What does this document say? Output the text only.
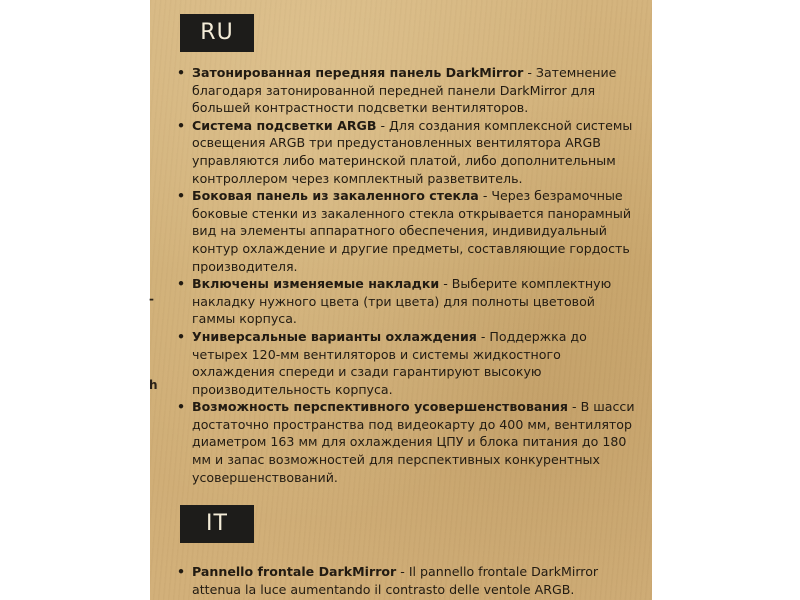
-
h
RU
• Затонированная передняя панель DarkMirror - Затемнение благодаря затонированной передней панели DarkMirror для большей контрастности подсветки вентиляторов.
• Система подсветки ARGB - Для создания комплексной системы освещения ARGB три предустановленных вентилятора ARGB управляются либо материнской платой, либо дополнительным контроллером через комплектный разветвитель.
• Боковая панель из закаленного стекла - Через безрамочные боковые стенки из закаленного стекла открывается панорамный вид на элементы аппаратного обеспечения, индивидуальный контур охлаждение и другие предметы, составляющие гордость производителя.
• Включены изменяемые накладки - Выберите комплектную накладку нужного цвета (три цвета) для полноты цветовой гаммы корпуса.
• Универсальные варианты охлаждения - Поддержка до четырех 120-мм вентиляторов и системы жидкостного охлаждения спереди и сзади гарантируют высокую производительность корпуса.
• Возможность перспективного усовершенствования - В шасси достаточно пространства под видеокарту до 400 мм, вентилятор диаметром 163 мм для охлаждения ЦПУ и блока питания до 180 мм и запас возможностей для перспективных конкурентных усовершенствований.
IT
• Pannello frontale DarkMirror - Il pannello frontale DarkMirror attenua la luce aumentando il contrasto delle ventole ARGB.
